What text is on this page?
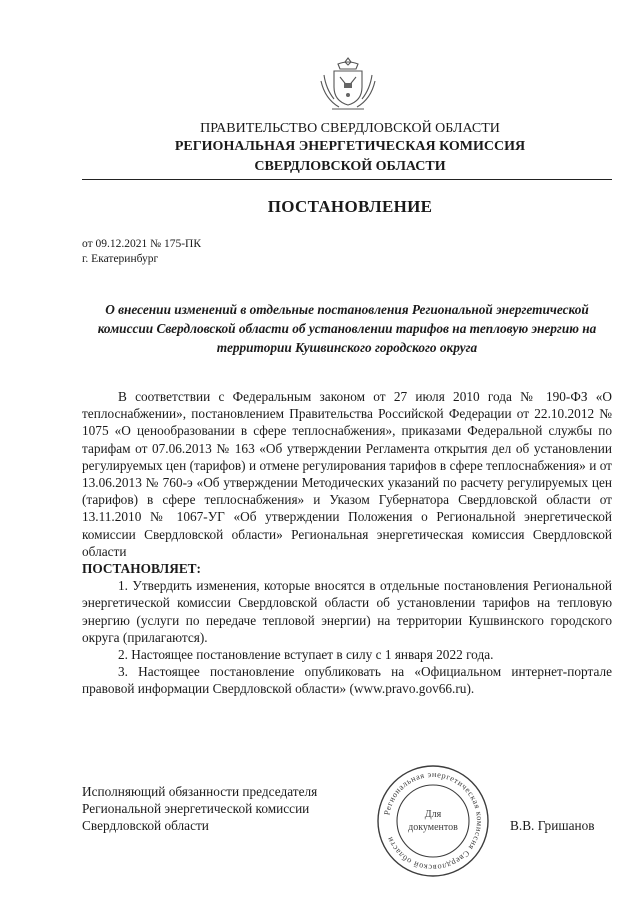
ПРАВИТЕЛЬСТВО СВЕРДЛОВСКОЙ ОБЛАСТИ
РЕГИОНАЛЬНАЯ ЭНЕРГЕТИЧЕСКАЯ КОМИССИЯ
СВЕРДЛОВСКОЙ ОБЛАСТИ
ПОСТАНОВЛЕНИЕ
от 09.12.2021 № 175-ПК
г. Екатеринбург
О внесении изменений в отдельные постановления Региональной энергетической комиссии Свердловской области об установлении тарифов на тепловую энергию на территории Кушвинского городского округа

В соответствии с Федеральным законом от 27 июля 2010 года № 190-ФЗ «О теплоснабжении», постановлением Правительства Российской Федерации от 22.10.2012 № 1075 «О ценообразовании в сфере теплоснабжения», приказами Федеральной службы по тарифам от 07.06.2013 № 163 «Об утверждении Регламента открытия дел об установлении регулируемых цен (тарифов) и отмене регулирования тарифов в сфере теплоснабжения» и от 13.06.2013 № 760-э «Об утверждении Методических указаний по расчету регулируемых цен (тарифов) в сфере теплоснабжения» и Указом Губернатора Свердловской области от 13.11.2010 № 1067-УГ «Об утверждении Положения о Региональной энергетической комиссии Свердловской области» Региональная энергетическая комиссия Свердловской области

ПОСТАНОВЛЯЕТ:

1. Утвердить изменения, которые вносятся в отдельные постановления Региональной энергетической комиссии Свердловской области об установлении тарифов на тепловую энергию (услуги по передаче тепловой энергии) на территории Кушвинского городского округа (прилагаются).

2. Настоящее постановление вступает в силу с 1 января 2022 года.

3. Настоящее постановление опубликовать на «Официальном интернет-портале правовой информации Свердловской области» (www.pravo.gov66.ru).

Исполняющий обязанности председателя
Региональной энергетической комиссии
Свердловской области
Региональная энергетическая комиссия Свердловской области
Для
документов	В.В. Гришанов
